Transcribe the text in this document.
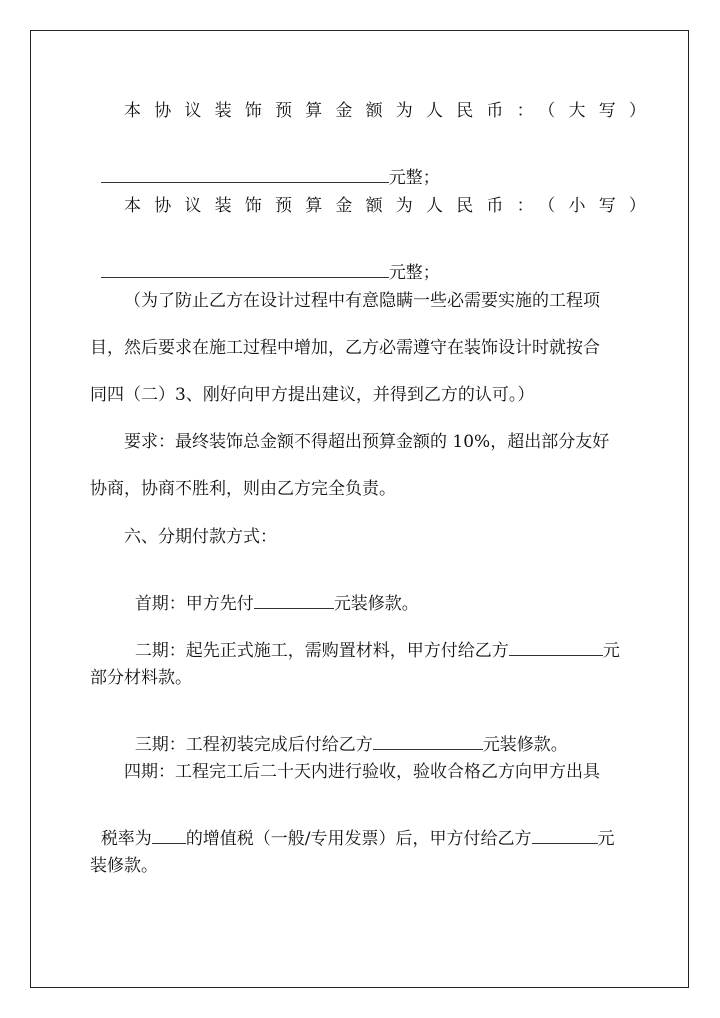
本协议装饰预算金额为人民币：（大写）

元整；

本协议装饰预算金额为人民币：（小写）

元整；

（为了防止乙方在设计过程中有意隐瞒一些必需要实施的工程项
目，然后要求在施工过程中增加，乙方必需遵守在装饰设计时就按合
同四（二）3、刚好向甲方提出建议，并得到乙方的认可。）
要求：最终装饰总金额不得超出预算金额的 10%，超出部分友好
协商，协商不胜利，则由乙方完全负责。
六、分期付款方式：

首期：甲方先付	元装修款。

二期：起先正式施工，需购置材料，甲方付给乙方	元

部分材料款。

三期：工程初装完成后付给乙方	元装修款。

四期：工程完工后二十天内进行验收，验收合格乙方向甲方出具

税率为 的增值税（一般/专用发票）后，甲方付给乙方	元

装修款。
